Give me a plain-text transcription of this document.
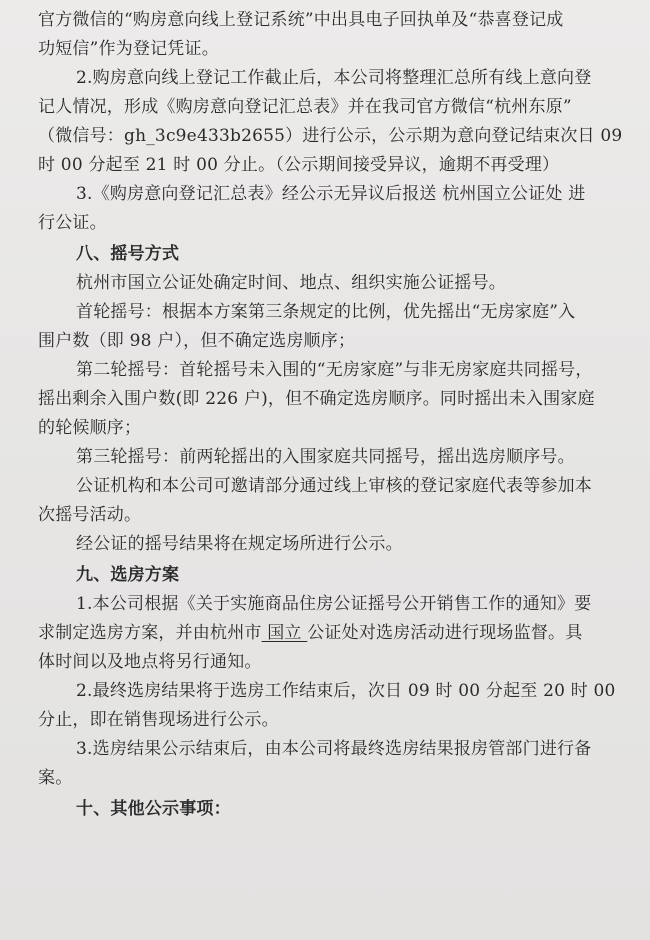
官方微信的“购房意向线上登记系统”中出具电子回执单及“恭喜登记成
功短信”作为登记凭证。
2.购房意向线上登记工作截止后，本公司将整理汇总所有线上意向登
记人情况，形成《购房意向登记汇总表》并在我司官方微信“杭州东原”
（微信号：gh_3c9e433b2655）进行公示，公示期为意向登记结束次日 09
时 00 分起至 21 时 00 分止。（公示期间接受异议，逾期不再受理）
3.《购房意向登记汇总表》经公示无异议后报送 杭州国立公证处 进
行公证。
八、摇号方式
杭州市国立公证处确定时间、地点、组织实施公证摇号。
首轮摇号：根据本方案第三条规定的比例，优先摇出“无房家庭”入
围户数（即 98 户），但不确定选房顺序；
第二轮摇号：首轮摇号未入围的“无房家庭”与非无房家庭共同摇号，
摇出剩余入围户数(即 226 户)，但不确定选房顺序。同时摇出未入围家庭
的轮候顺序；
第三轮摇号：前两轮摇出的入围家庭共同摇号，摇出选房顺序号。
公证机构和本公司可邀请部分通过线上审核的登记家庭代表等参加本
次摇号活动。
经公证的摇号结果将在规定场所进行公示。
九、选房方案
1.本公司根据《关于实施商品住房公证摇号公开销售工作的通知》要
求制定选房方案，并由杭州市 国立 公证处对选房活动进行现场监督。具
体时间以及地点将另行通知。
2.最终选房结果将于选房工作结束后，次日 09 时 00 分起至 20 时 00
分止，即在销售现场进行公示。
3.选房结果公示结束后，由本公司将最终选房结果报房管部门进行备
案。
十、其他公示事项：
